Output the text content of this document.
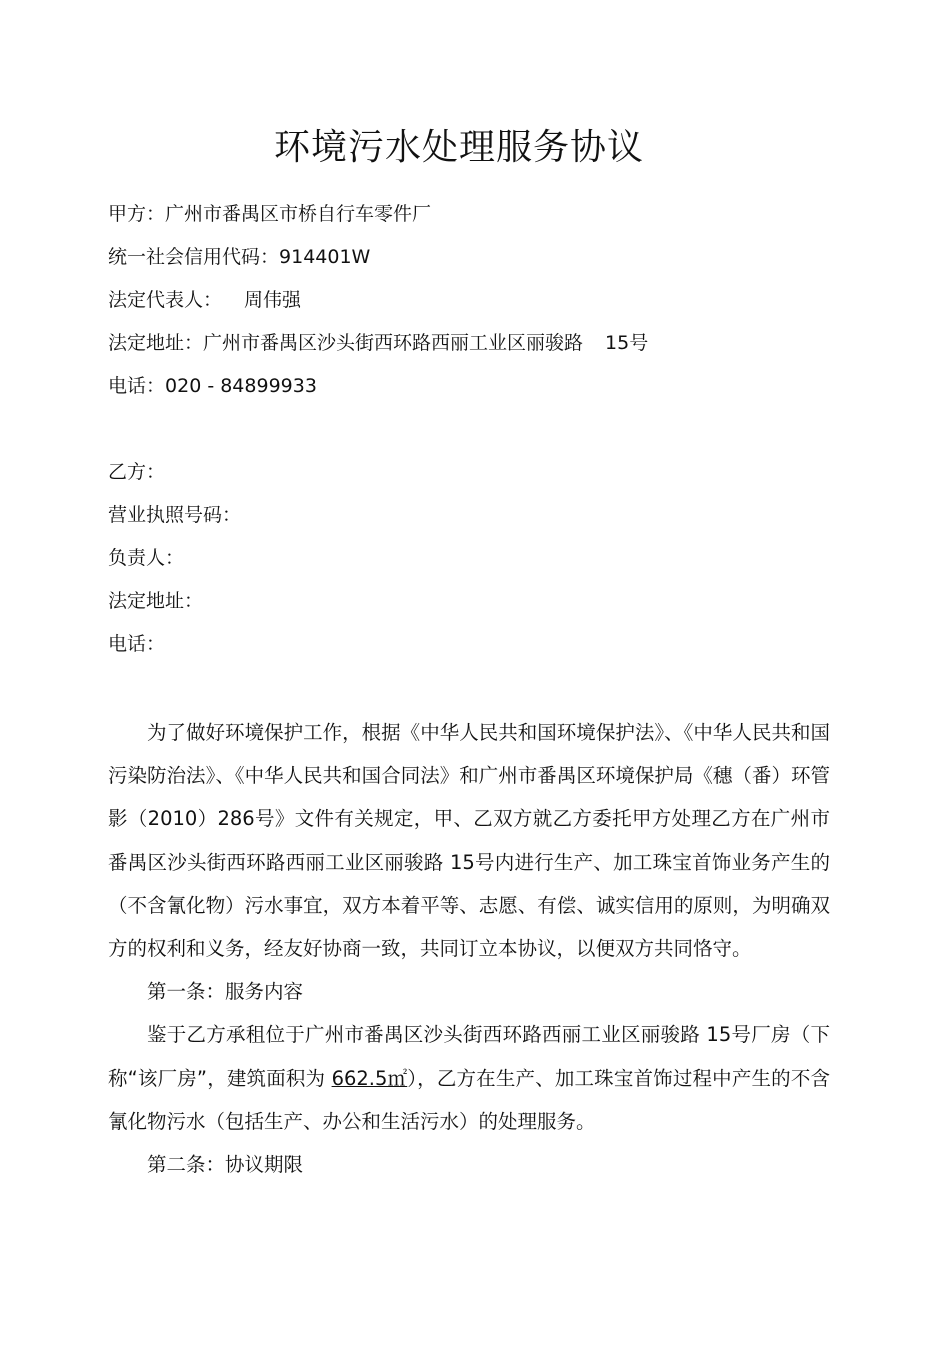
环境污水处理服务协议
甲方：广州市番禺区市桥自行车零件厂
统一社会信用代码：914401W
法定代表人： 周伟强
法定地址：广州市番禺区沙头街西环路西丽工业区丽骏路 15号
电话：020 - 84899933
乙方：
营业执照号码：
负责人：
法定地址：
电话：

为了做好环境保护工作，根据《中华人民共和国环境保护法》、《中华人民共和国污染防治法》、《中华人民共和国合同法》和广州市番禺区环境保护局《穗（番）环管影（2010）286号》文件有关规定，甲、乙双方就乙方委托甲方处理乙方在广州市番禺区沙头街西环路西丽工业区丽骏路 15号内进行生产、加工珠宝首饰业务产生的（不含氰化物）污水事宜，双方本着平等、志愿、有偿、诚实信用的原则，为明确双方的权利和义务，经友好协商一致，共同订立本协议，以便双方共同恪守。

第一条：服务内容

鉴于乙方承租位于广州市番禺区沙头街西环路西丽工业区丽骏路 15号厂房（下称“该厂房”，建筑面积为 662.5㎡），乙方在生产、加工珠宝首饰过程中产生的不含氰化物污水（包括生产、办公和生活污水）的处理服务。

第二条：协议期限
